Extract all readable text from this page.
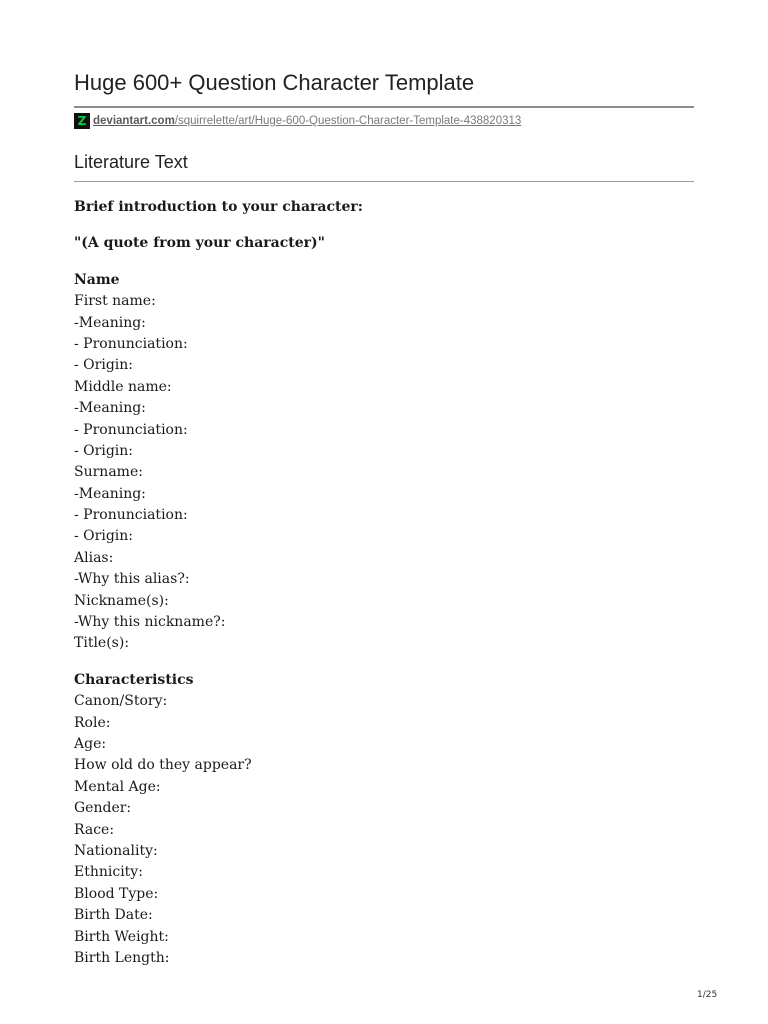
Huge 600+ Question Character Template
Z deviantart.com /squirrelette/art/Huge-600-Question-Character-Template-438820313
Literature Text
Brief introduction to your character:
"(A quote from your character)"
Name
First name:
-Meaning:
- Pronunciation:
- Origin:
Middle name:
-Meaning:
- Pronunciation:
- Origin:
Surname:
-Meaning:
- Pronunciation:
- Origin:
Alias:
-Why this alias?:
Nickname(s):
-Why this nickname?:
Title(s):
Characteristics
Canon/Story:
Role:
Age:
How old do they appear?
Mental Age:
Gender:
Race:
Nationality:
Ethnicity:
Blood Type:
Birth Date:
Birth Weight:
Birth Length:
1/25
